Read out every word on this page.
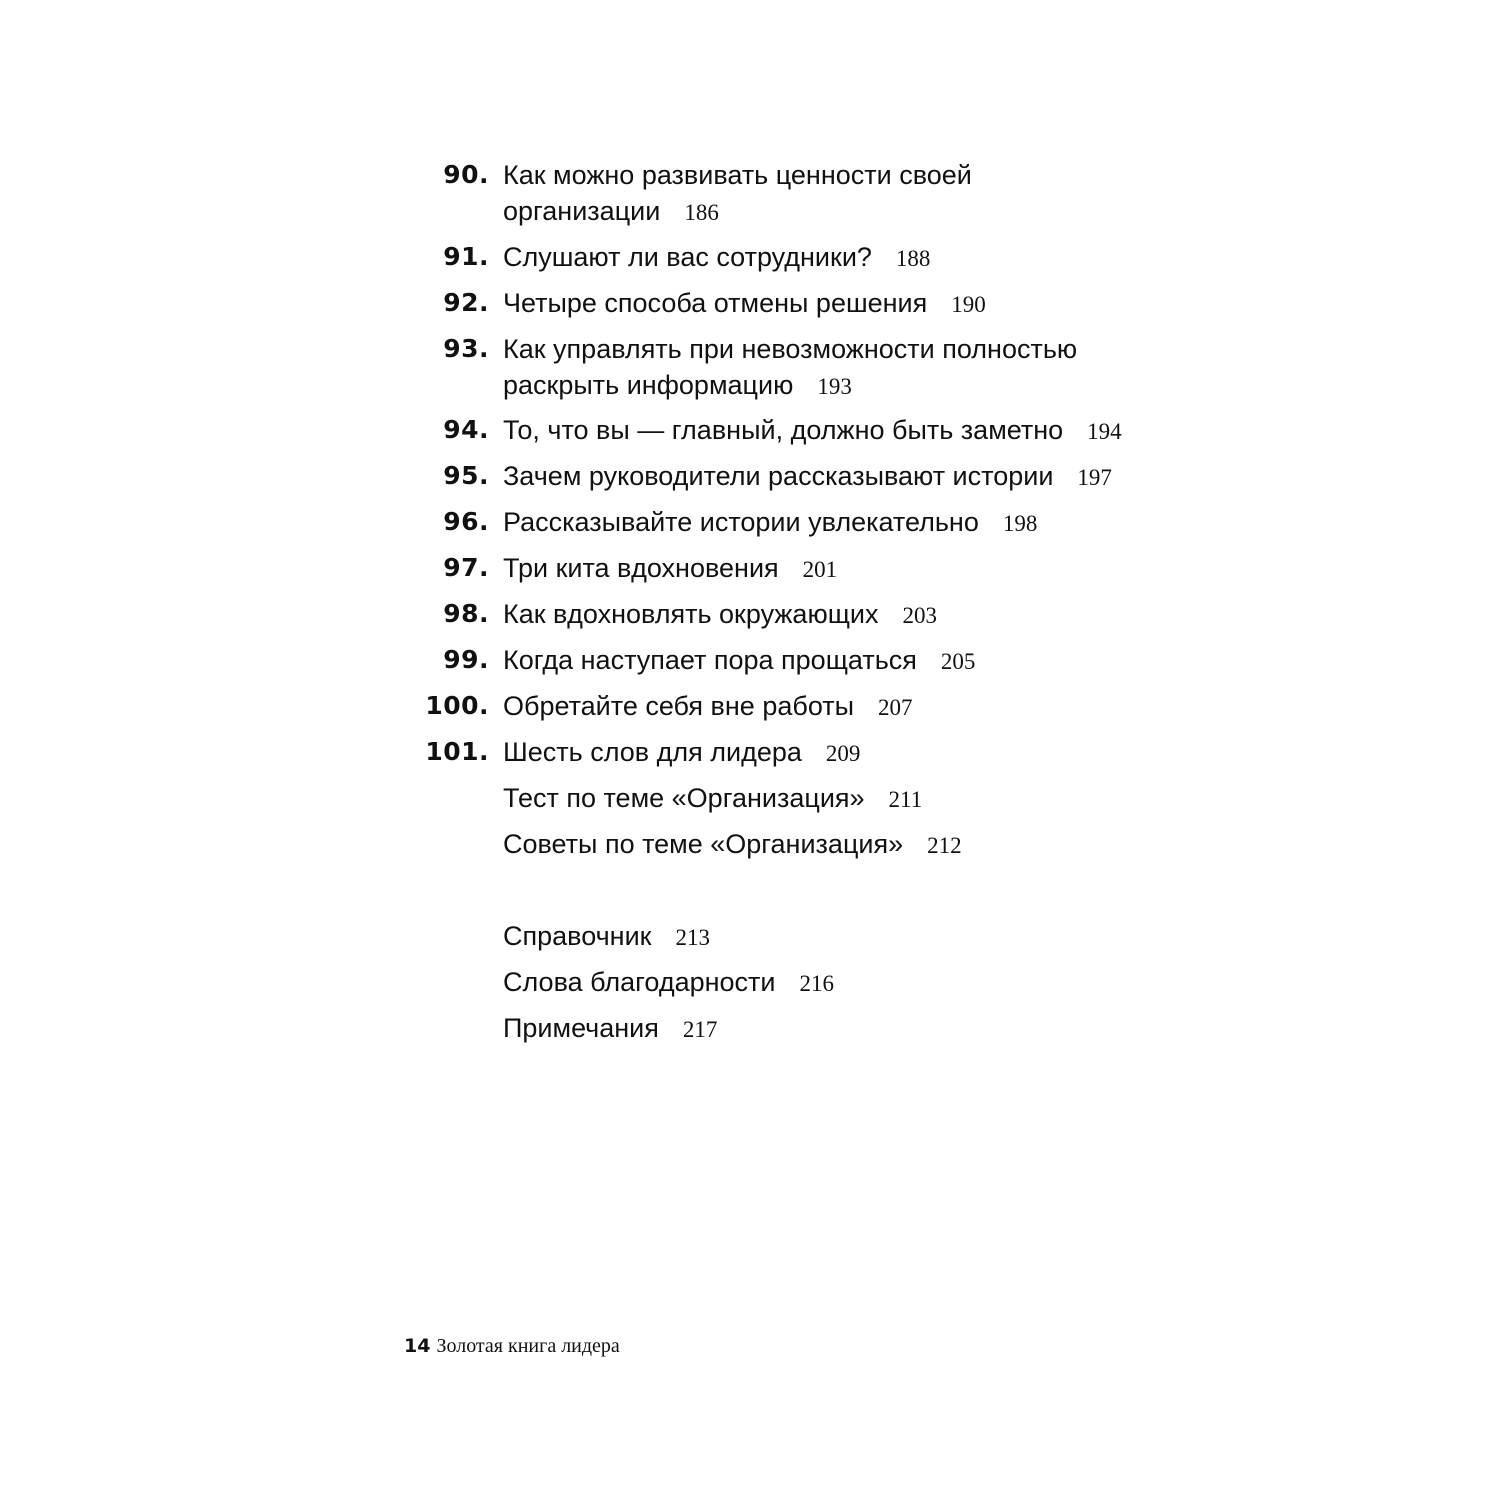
90. Как можно развивать ценности своей
организации 186
91. Слушают ли вас сотрудники? 188
92. Четыре способа отмены решения 190
93. Как управлять при невозможности полностью
раскрыть информацию 193
94. То, что вы — главный, должно быть заметно 194
95. Зачем руководители рассказывают истории 197
96. Рассказывайте истории увлекательно 198
97. Три кита вдохновения 201
98. Как вдохновлять окружающих 203
99. Когда наступает пора прощаться 205
100. Обретайте себя вне работы 207
101. Шесть слов для лидера 209
Тест по теме «Организация» 211
Советы по теме «Организация» 212
Справочник 213
Слова благодарности 216
Примечания 217
14 Золотая книга лидера
